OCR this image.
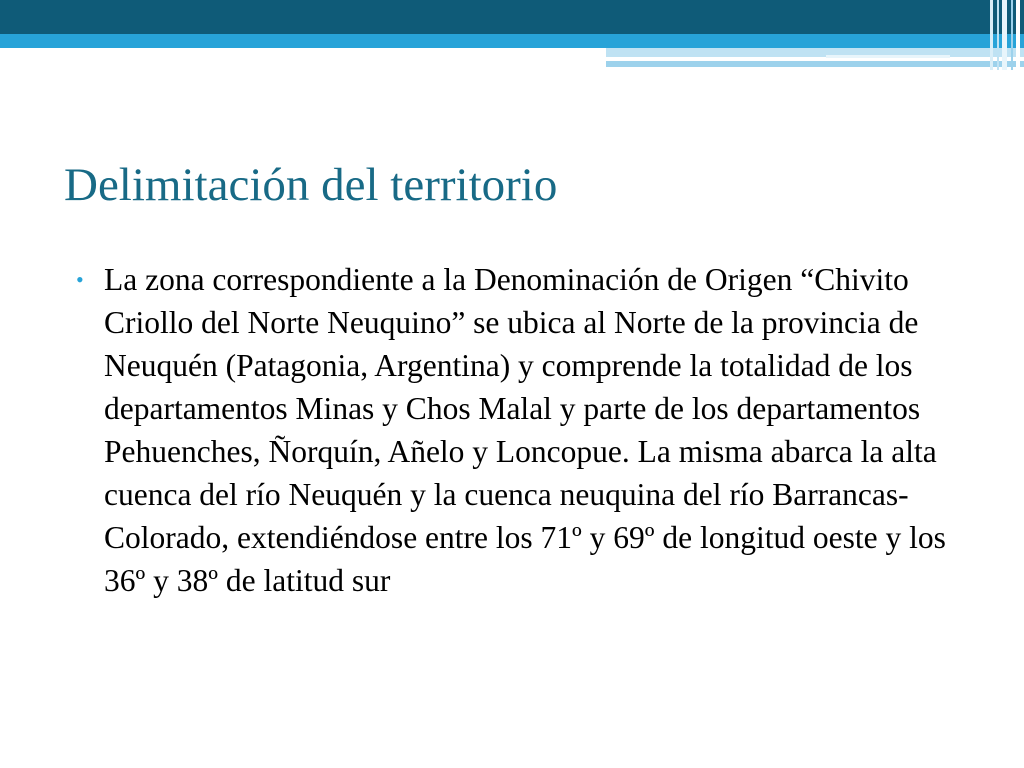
Delimitación del territorio
• La zona correspondiente a la Denominación de Origen “Chivito Criollo del Norte Neuquino” se ubica al Norte de la provincia de Neuquén (Patagonia, Argentina) y comprende la totalidad de los departamentos Minas y Chos Malal y parte de los departamentos Pehuenches, Ñorquín, Añelo y Loncopue. La misma abarca la alta cuenca del río Neuquén y la cuenca neuquina del río Barrancas- Colorado, extendiéndose entre los 71º y 69º de longitud oeste y los 36º y 38º de latitud sur
